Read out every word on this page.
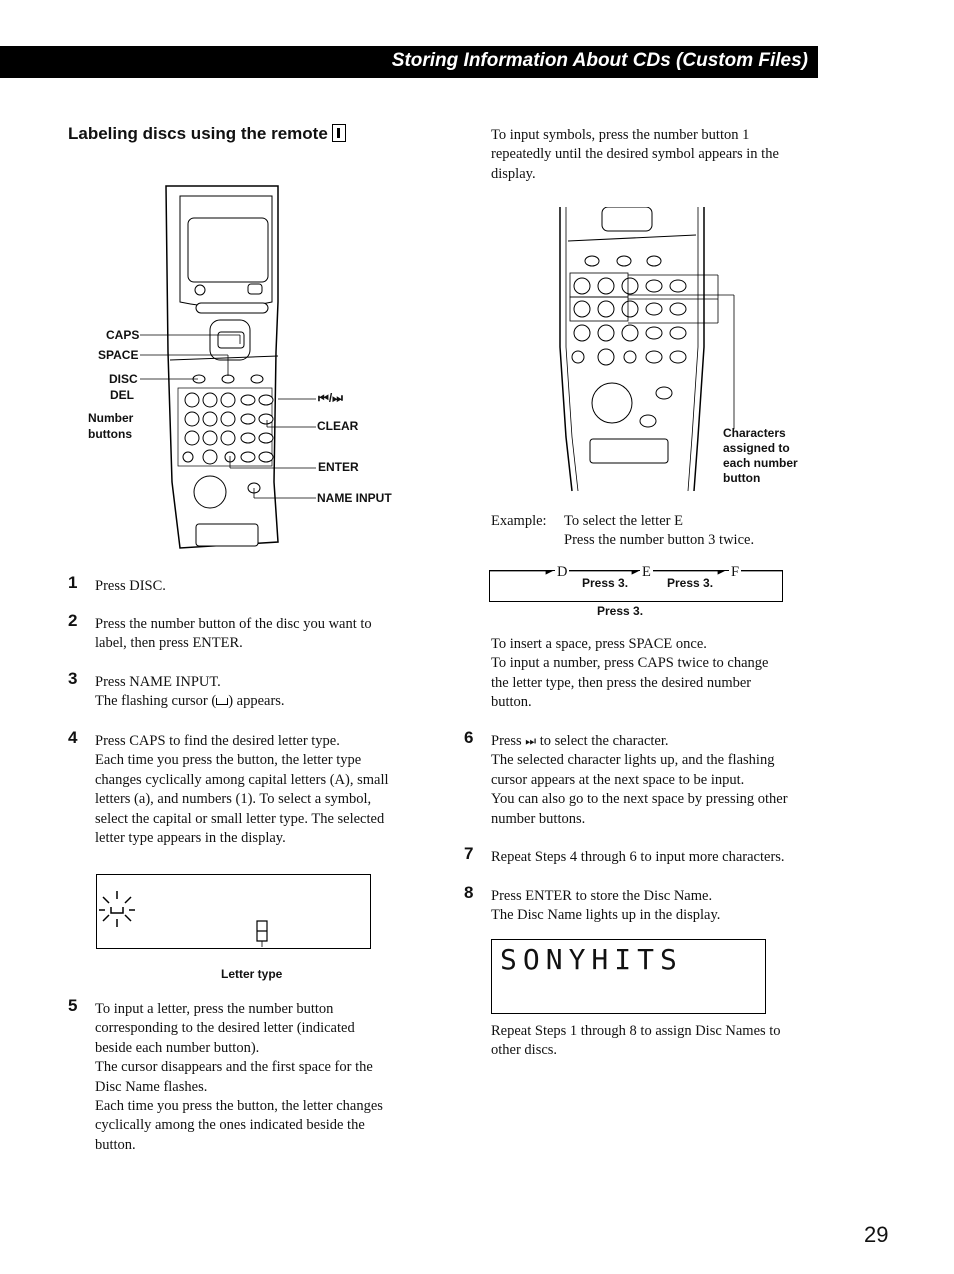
Storing Information About CDs (Custom Files)
Labeling discs using the remote
CAPS
SPACE
DISC
DEL
Number
buttons
⏮/⏭
CLEAR
ENTER
NAME INPUT
1 Press DISC.

2 Press the number button of the disc you want to

label, then press ENTER.

3 Press NAME INPUT.

The flashing cursor ( ) appears.

4 Press CAPS to find the desired letter type.

Each time you press the button, the letter type

changes cyclically among capital letters (A), small

letters (a), and numbers (1). To select a symbol,

select the capital or small letter type. The selected

letter type appears in the display.

Letter type
5 To input a letter, press the number button

corresponding to the desired letter (indicated

beside each number button).

The cursor disappears and the first space for the

Disc Name flashes.

Each time you press the button, the letter changes

cyclically among the ones indicated beside the

button.

To input symbols, press the number button 1

repeatedly until the desired symbol appears in the

display.

Characters
assigned to
each number
button
Example: To select the letter E
Press the number button 3 twice.
D	E	F
Press 3.	Press 3.
Press 3.

To insert a space, press SPACE once.

To input a number, press CAPS twice to change

the letter type, then press the desired number

button.

6 Press ⏭ to select the character.

The selected character lights up, and the flashing

cursor appears at the next space to be input.

You can also go to the next space by pressing other

number buttons.

7 Repeat Steps 4 through 6 to input more characters.

8 Press ENTER to store the Disc Name.

The Disc Name lights up in the display.

SONYHITS

Repeat Steps 1 through 8 to assign Disc Names to

other discs.

29
